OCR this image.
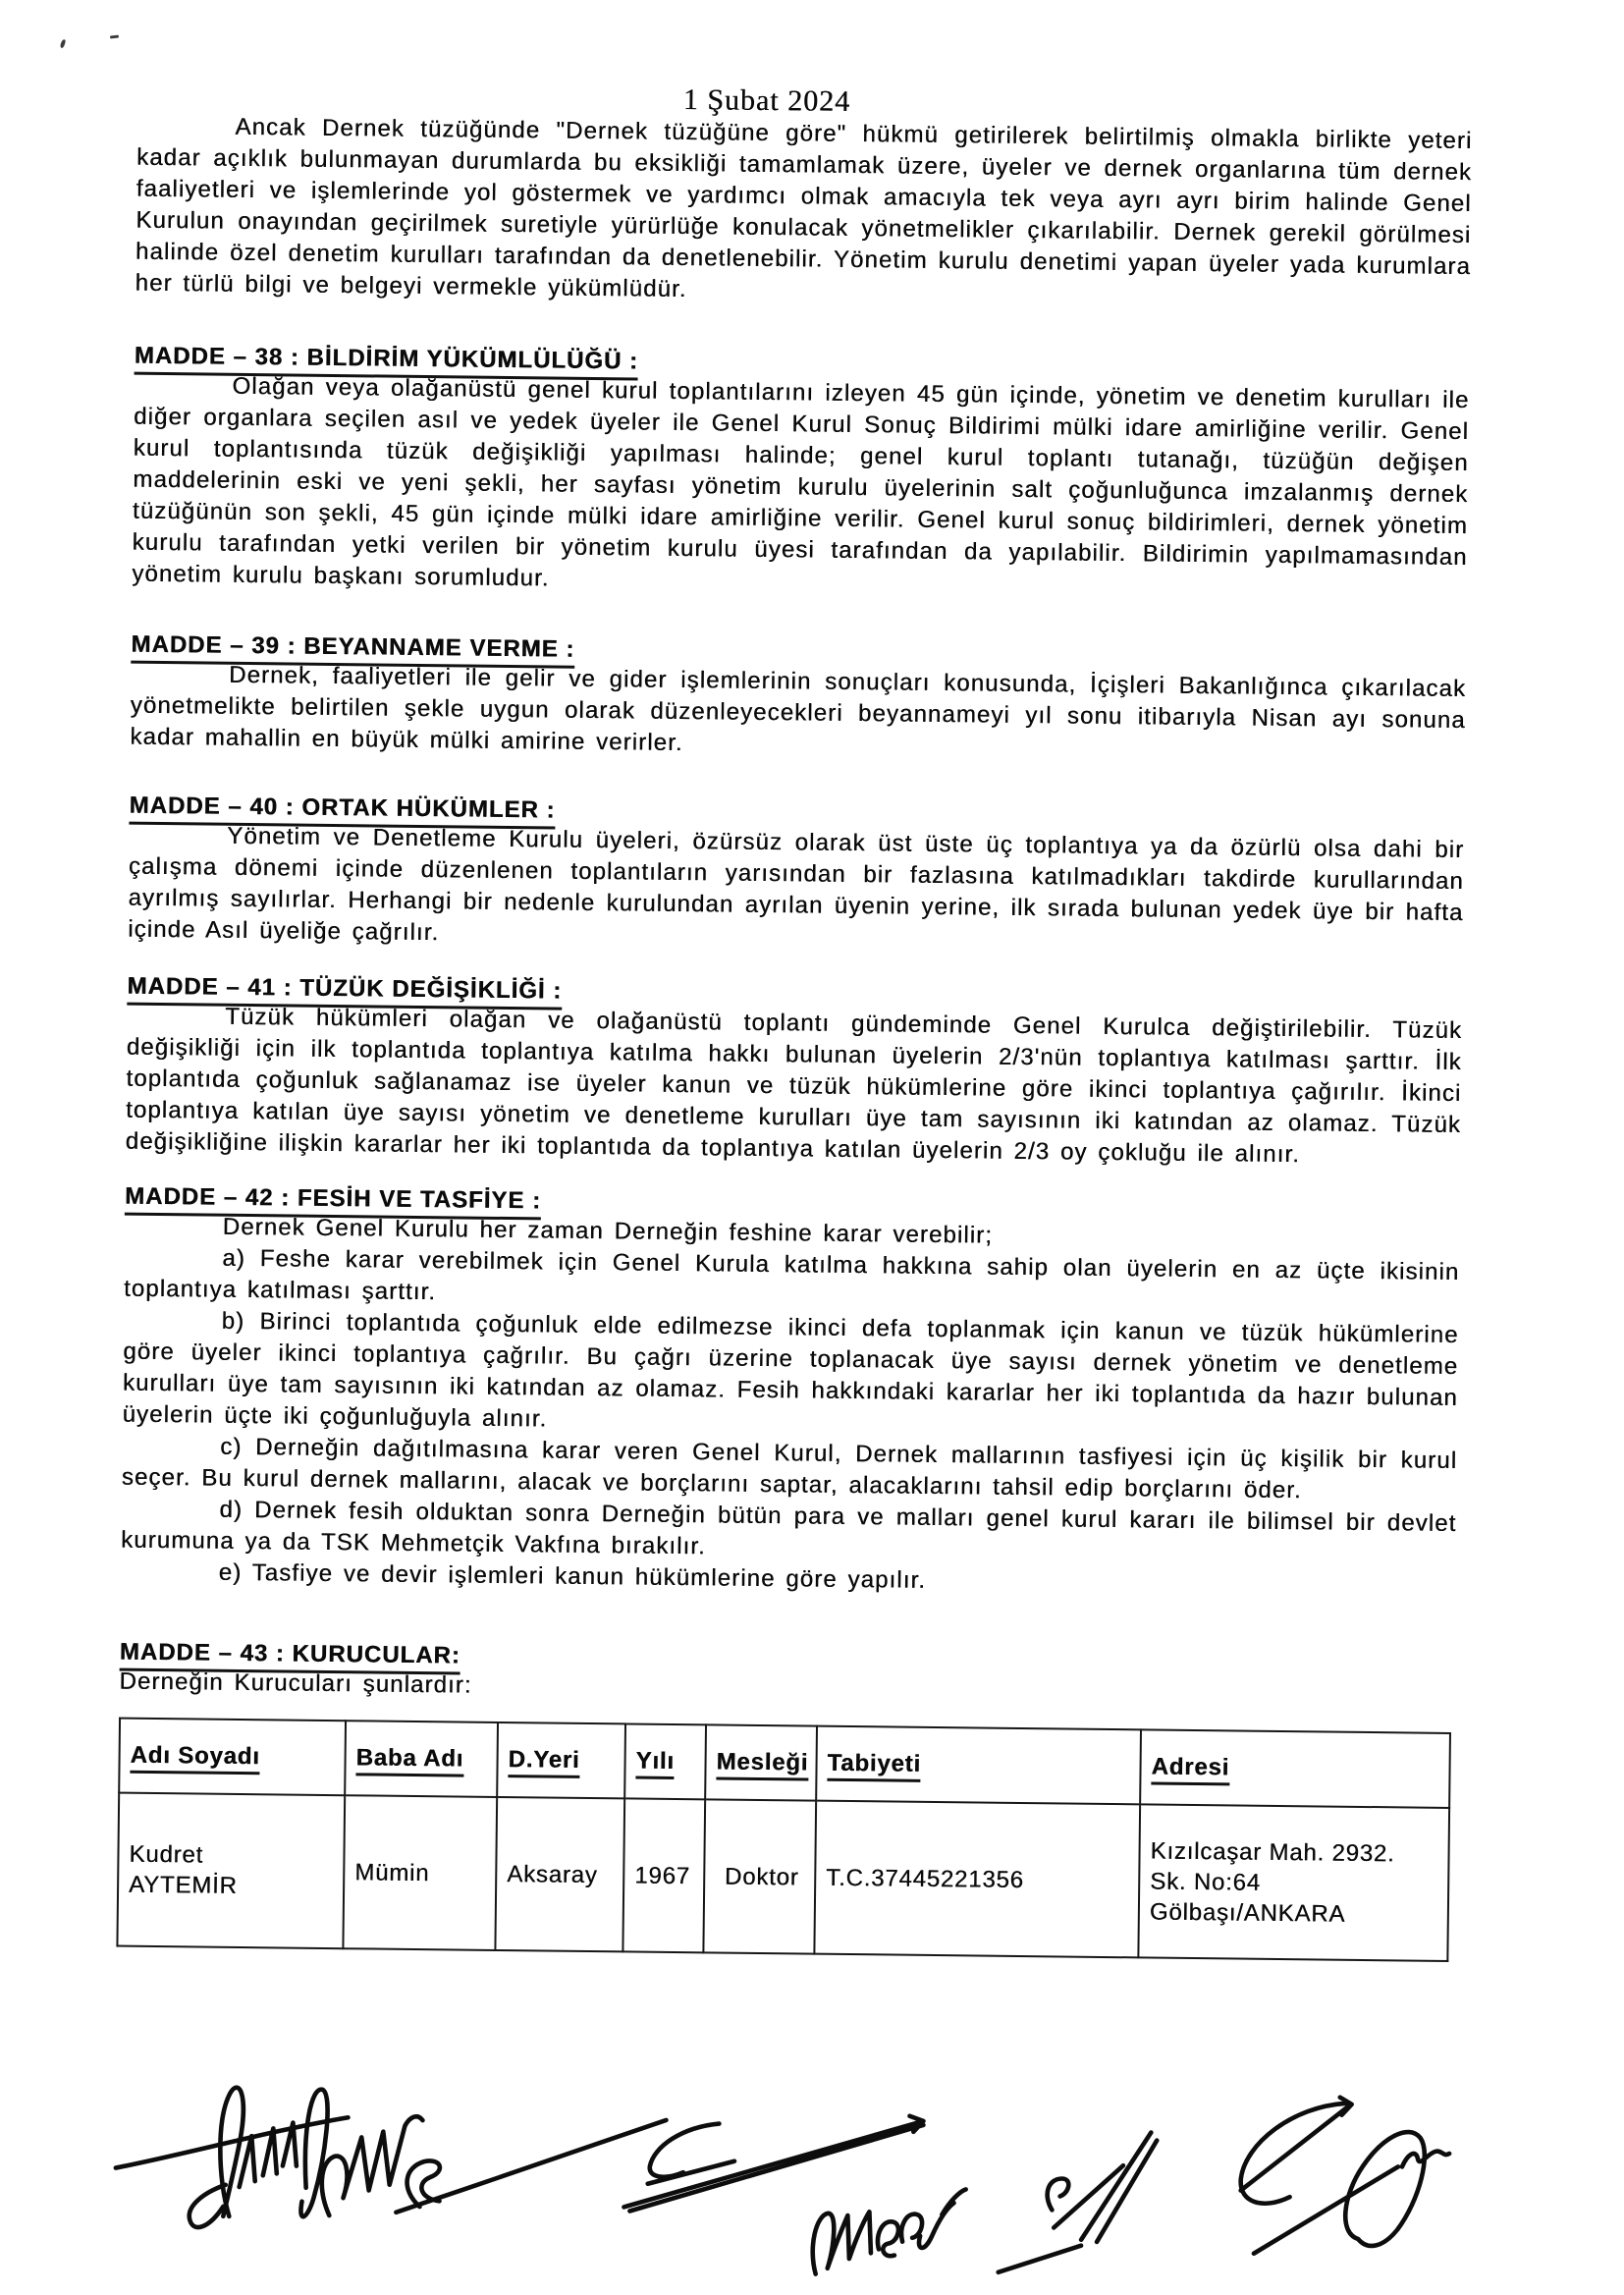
1 Şubat 2024

Ancak Dernek tüzüğünde "Dernek tüzüğüne göre" hükmü getirilerek belirtilmiş olmakla birlikte yeteri kadar açıklık bulunmayan durumlarda bu eksikliği tamamlamak üzere, üyeler ve dernek organlarına tüm dernek faaliyetleri ve işlemlerinde yol göstermek ve yardımcı olmak amacıyla tek veya ayrı ayrı birim halinde Genel Kurulun onayından geçirilmek suretiyle yürürlüğe konulacak yönetmelikler çıkarılabilir. Dernek gerekil görülmesi halinde özel denetim kurulları tarafından da denetlenebilir. Yönetim kurulu denetimi yapan üyeler yada kurumlara her türlü bilgi ve belgeyi vermekle yükümlüdür.

MADDE – 38 : BİLDİRİM YÜKÜMLÜLÜĞÜ :

Olağan veya olağanüstü genel kurul toplantılarını izleyen 45 gün içinde, yönetim ve denetim kurulları ile diğer organlara seçilen asıl ve yedek üyeler ile Genel Kurul Sonuç Bildirimi mülki idare amirliğine verilir. Genel kurul toplantısında tüzük değişikliği yapılması halinde; genel kurul toplantı tutanağı, tüzüğün değişen maddelerinin eski ve yeni şekli, her sayfası yönetim kurulu üyelerinin salt çoğunluğunca imzalanmış dernek tüzüğünün son şekli, 45 gün içinde mülki idare amirliğine verilir. Genel kurul sonuç bildirimleri, dernek yönetim kurulu tarafından yetki verilen bir yönetim kurulu üyesi tarafından da yapılabilir. Bildirimin yapılmamasından yönetim kurulu başkanı sorumludur.

MADDE – 39 : BEYANNAME VERME :

Dernek, faaliyetleri ile gelir ve gider işlemlerinin sonuçları konusunda, İçişleri Bakanlığınca çıkarılacak yönetmelikte belirtilen şekle uygun olarak düzenleyecekleri beyannameyi yıl sonu itibarıyla Nisan ayı sonuna kadar mahallin en büyük mülki amirine verirler.

MADDE – 40 : ORTAK HÜKÜMLER :

Yönetim ve Denetleme Kurulu üyeleri, özürsüz olarak üst üste üç toplantıya ya da özürlü olsa dahi bir çalışma dönemi içinde düzenlenen toplantıların yarısından bir fazlasına katılmadıkları takdirde kurullarından ayrılmış sayılırlar. Herhangi bir nedenle kurulundan ayrılan üyenin yerine, ilk sırada bulunan yedek üye bir hafta içinde Asıl üyeliğe çağrılır.

MADDE – 41 : TÜZÜK DEĞİŞİKLİĞİ :

Tüzük hükümleri olağan ve olağanüstü toplantı gündeminde Genel Kurulca değiştirilebilir. Tüzük değişikliği için ilk toplantıda toplantıya katılma hakkı bulunan üyelerin 2/3'nün toplantıya katılması şarttır. İlk toplantıda çoğunluk sağlanamaz ise üyeler kanun ve tüzük hükümlerine göre ikinci toplantıya çağırılır. İkinci toplantıya katılan üye sayısı yönetim ve denetleme kurulları üye tam sayısının iki katından az olamaz. Tüzük değişikliğine ilişkin kararlar her iki toplantıda da toplantıya katılan üyelerin 2/3 oy çokluğu ile alınır.

MADDE – 42 : FESİH VE TASFİYE :

Dernek Genel Kurulu her zaman Derneğin feshine karar verebilir;

a) Feshe karar verebilmek için Genel Kurula katılma hakkına sahip olan üyelerin en az üçte ikisinin toplantıya katılması şarttır.

b) Birinci toplantıda çoğunluk elde edilmezse ikinci defa toplanmak için kanun ve tüzük hükümlerine göre üyeler ikinci toplantıya çağrılır. Bu çağrı üzerine toplanacak üye sayısı dernek yönetim ve denetleme kurulları üye tam sayısının iki katından az olamaz. Fesih hakkındaki kararlar her iki toplantıda da hazır bulunan üyelerin üçte iki çoğunluğuyla alınır.

c) Derneğin dağıtılmasına karar veren Genel Kurul, Dernek mallarının tasfiyesi için üç kişilik bir kurul seçer. Bu kurul dernek mallarını, alacak ve borçlarını saptar, alacaklarını tahsil edip borçlarını öder.

d) Dernek fesih olduktan sonra Derneğin bütün para ve malları genel kurul kararı ile bilimsel bir devlet kurumuna ya da TSK Mehmetçik Vakfına bırakılır.

e) Tasfiye ve devir işlemleri kanun hükümlerine göre yapılır.

MADDE – 43 : KURUCULAR:

Derneğin Kurucuları şunlardır:

Adı Soyadı	Baba Adı	D.Yeri	Yılı	Mesleği	Tabiyeti	Adresi
Kudret
AYTEMİR	Mümin	Aksaray	1967	Doktor	T.C.37445221356	Kızılcaşar Mah. 2932.
Sk. No:64
Gölbaşı/ANKARA
